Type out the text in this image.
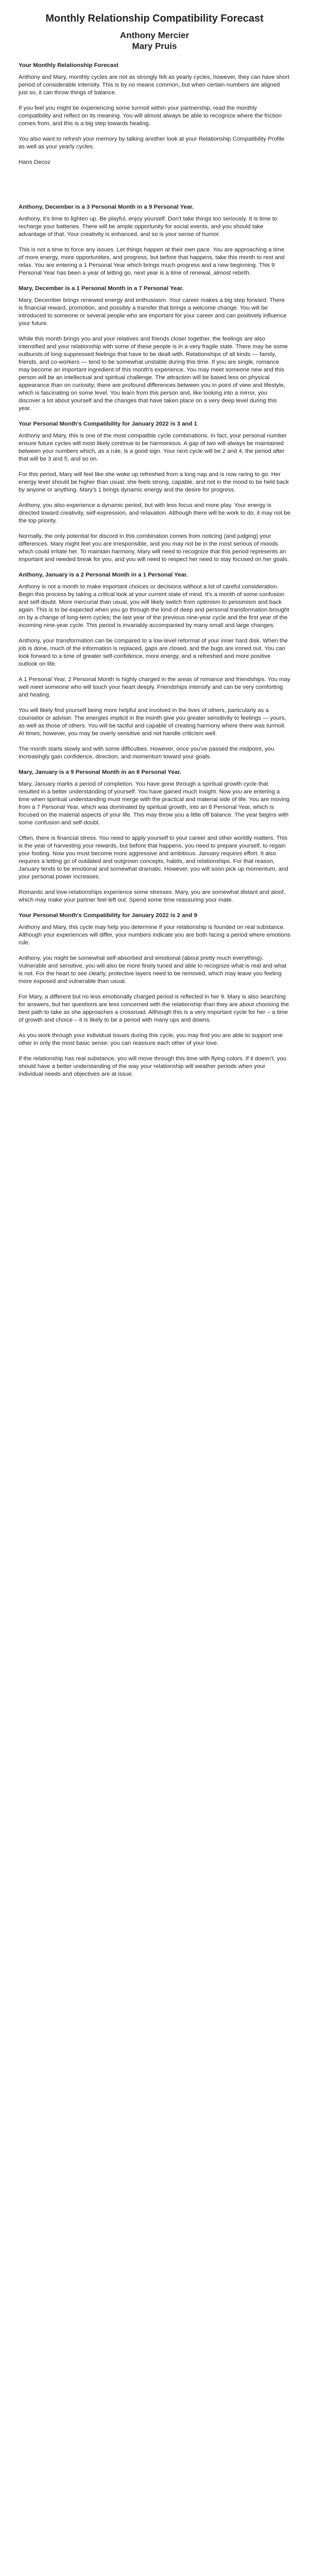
Monthly Relationship Compatibility Forecast
Anthony Mercier
Mary Pruis
Your Monthly Relationship Forecast

Anthony and Mary, monthly cycles are not as strongly felt as yearly cycles, however, they can have short period of considerable intensity. This is by no means common, but when certain numbers are aligned just so, it can throw things of balance.

If you feel you might be experiencing some turmoil within your partnership, read the monthly compatibility and reflect on its meaning. You will almost always be able to recognize where the friction comes from, and this is a big step towards healing.

You also want to refresh your memory by talking another look at your Relationship Compatibility Profile as well as your yearly cycles.

Hans Decoz

Anthony, December is a 3 Personal Month in a 9 Personal Year.

Anthony, it's time to lighten up. Be playful, enjoy yourself. Don't take things too seriously. It is time to recharge your batteries. There will be ample opportunity for social events, and you should take advantage of that. Your creativity is enhanced, and so is your sense of humor.

This is not a time to force any issues. Let things happen at their own pace. You are approaching a time of more energy, more opportunities, and progress, but before that happens, take this month to rest and relax. You are entering a 1 Personal Year which brings much progress and a new beginning. This 9 Personal Year has been a year of letting go, next year is a time of renewal, almost rebirth.

Mary, December is a 1 Personal Month in a 7 Personal Year.

Mary, December brings renewed energy and enthusiasm. Your career makes a big step forward. There is financial reward, promotion, and possibly a transfer that brings a welcome change. You will be introduced to someone or several people who are important for your career and can positively influence your future.

While this month brings you and your relatives and friends closer together, the feelings are also intensified and your relationship with some of these people is in a very fragile state. There may be some outbursts of long suppressed feelings that have to be dealt with. Relationships of all kinds — family, friends, and co-workers — tend to be somewhat unstable during this time. If you are single, romance may become an important ingredient of this month's experience. You may meet someone new and this person will be an intellectual and spiritual challenge. The attraction will be based less on physical appearance than on curiosity; there are profound differences between you in point of view and lifestyle, which is fascinating on some level. You learn from this person and, like looking into a mirror, you discover a lot about yourself and the changes that have taken place on a very deep level during this year.

Your Personal Month's Compatibility for January 2022 is 3 and 1

Anthony and Mary, this is one of the most compatible cycle combinations. In fact, your personal number ensure future cycles will most likely continue to be harmonious. A gap of two will always be maintained between your numbers which, as a rule, is a good sign. Your next cycle will be 2 and 4, the period after that will be 3 and 5, and so on.

For this period, Mary will feel like she woke up refreshed from a long nap and is now raring to go. Her energy level should be higher than usual; she feels strong, capable, and not in the mood to be held back by anyone or anything. Mary's 1 brings dynamic energy and the desire for progress.

Anthony, you also experience a dynamic period, but with less focus and more play. Your energy is directed toward creativity, self-expression, and relaxation. Although there will be work to do, it may not be the top priority.

Normally, the only potential for discord in this combination comes from noticing (and judging) your differences. Mary might feel you are irresponsible, and you may not be in the most serious of moods which could irritate her. To maintain harmony, Mary will need to recognize that this period represents an important and needed break for you, and you will need to respect her need to stay focused on her goals.

Anthony, January is a 2 Personal Month in a 1 Personal Year.

Anthony is not a month to make important choices or decisions without a lot of careful consideration. Begin this process by taking a critical look at your current state of mind. It's a month of some confusion and self-doubt. More mercurial than usual, you will likely switch from optimism to pessimism and back again. This is to be expected when you go through the kind of deep and personal transformation brought on by a change of long-term cycles; the last year of the previous nine-year cycle and the first year of the incoming nine-year cycle. This period is invariably accompanied by many small and large changes.

Anthony, your transformation can be compared to a low-level reformat of your inner hard disk. When the job is done, much of the information is replaced, gaps are closed, and the bugs are ironed out. You can look forward to a time of greater self-confidence, more energy, and a refreshed and more positive outlook on life.

A 1 Personal Year, 2 Personal Month is highly charged in the areas of romance and friendships. You may well meet someone who will touch your heart deeply. Friendships intensify and can be very comforting and healing.

You will likely find yourself being more helpful and involved in the lives of others, particularly as a counselor or adviser. The energies implicit in the month give you greater sensitivity to feelings — yours, as well as those of others. You will be tactful and capable of creating harmony where there was turmoil. At times, however, you may be overly sensitive and not handle criticism well.

The month starts slowly and with some difficulties. However, once you've passed the midpoint, you increasingly gain confidence, direction, and momentum toward your goals.

Mary, January is a 9 Personal Month in an 8 Personal Year.

Mary, January marks a period of completion. You have gone through a spiritual growth cycle that resulted in a better understanding of yourself. You have gained much insight. Now you are entering a time when spiritual understanding must merge with the practical and material side of life. You are moving from a 7 Personal Year, which was dominated by spiritual growth, into an 8 Personal Year, which is focused on the material aspects of your life. This may throw you a little off balance. The year begins with some confusion and self-doubt.

Often, there is financial stress. You need to apply yourself to your career and other worldly matters. This is the year of harvesting your rewards, but before that happens, you need to prepare yourself, to regain your footing. Now you must become more aggressive and ambitious. January requires effort. It also requires a letting go of outdated and outgrown concepts, habits, and relationships. For that reason, January tends to be emotional and somewhat dramatic. However, you will soon pick up momentum, and your personal power increases.

Romantic and love-relationships experience some stresses. Mary, you are somewhat distant and aloof, which may make your partner feel left out. Spend some time reassuring your mate.

Your Personal Month's Compatibility for January 2022 is 2 and 9

Anthony and Mary, this cycle may help you determine if your relationship is founded on real substance. Although your experiences will differ, your numbers indicate you are both facing a period where emotions rule.

Anthony, you might be somewhat self-absorbed and emotional (about pretty much everything). Vulnerable and sensitive, you will also be more finely tuned and able to recognize what is real and what is not. For the heart to see clearly, protective layers need to be removed, which may leave you feeling more exposed and vulnerable than usual.

For Mary, a different but no less emotionally charged period is reflected in her 9. Mary is also searching for answers, but her questions are less concerned with the relationship than they are about choosing the best path to take as she approaches a crossroad. Although this is a very important cycle for her – a time of growth and choice – it is likely to be a period with many ups and downs.

As you work through your individual issues during this cycle, you may find you are able to support one other in only the most basic sense: you can reassure each other of your love.

If the relationship has real substance, you will move through this time with flying colors. If it doesn't, you should have a better understanding of the way your relationship will weather periods when your individual needs and objectives are at issue.
